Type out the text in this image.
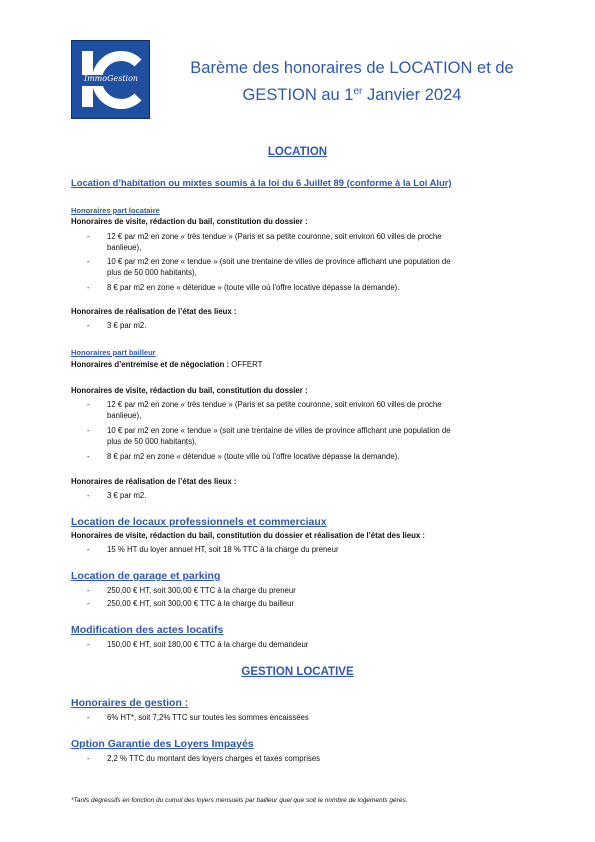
ImmoGestion
Barème des honoraires de LOCATION et de
GESTION au 1er Janvier 2024
LOCATION
Location d’habitation ou mixtes soumis à la loi du 6 Juillet 89 (conforme à la Loi Alur)
Honoraires part locataire
Honoraires de visite, rédaction du bail, constitution du dossier :
- 12 € par m2 en zone « très tendue » (Paris et sa petite couronne, soit environ 60 villes de proche
banlieue),
- 10 € par m2 en zone « tendue » (soit une trentaine de villes de province affichant une population de
plus de 50 000 habitants),
- 8 € par m2 en zone « détendue » (toute ville où l’offre locative dépasse la demande).
Honoraires de réalisation de l’état des lieux :
- 3 € par m2.
Honoraires part bailleur
Honoraires d’entremise et de négociation : OFFERT
Honoraires de visite, rédaction du bail, constitution du dossier :
- 12 € par m2 en zone « très tendue » (Paris et sa petite couronne, soit environ 60 villes de proche
banlieue),
- 10 € par m2 en zone « tendue » (soit une trentaine de villes de province affichant une population de
plus de 50 000 habitants),
- 8 € par m2 en zone « détendue » (toute ville où l’offre locative dépasse la demande).
Honoraires de réalisation de l’état des lieux :
- 3 € par m2.
Location de locaux professionnels et commerciaux
Honoraires de visite, rédaction du bail, constitution du dossier et réalisation de l’état des lieux :
- 15 % HT du loyer annuel HT, soit 18 % TTC à la charge du preneur
Location de garage et parking
- 250,00 € HT, soit 300,00 € TTC à la charge du preneur
- 250,00 € HT, soit 300,00 € TTC à la charge du bailleur
Modification des actes locatifs
- 150,00 € HT, soit 180,00 € TTC à la charge du demandeur
GESTION LOCATIVE
Honoraires de gestion :
- 6% HT*, soit 7,2% TTC sur toutes les sommes encaissées
Option Garantie des Loyers Impayés
- 2,2 % TTC du montant des loyers charges et taxes comprises
*Tarifs dégressifs en fonction du cumul des loyers mensuels par bailleur quel que soit le nombre de logements gérés.
